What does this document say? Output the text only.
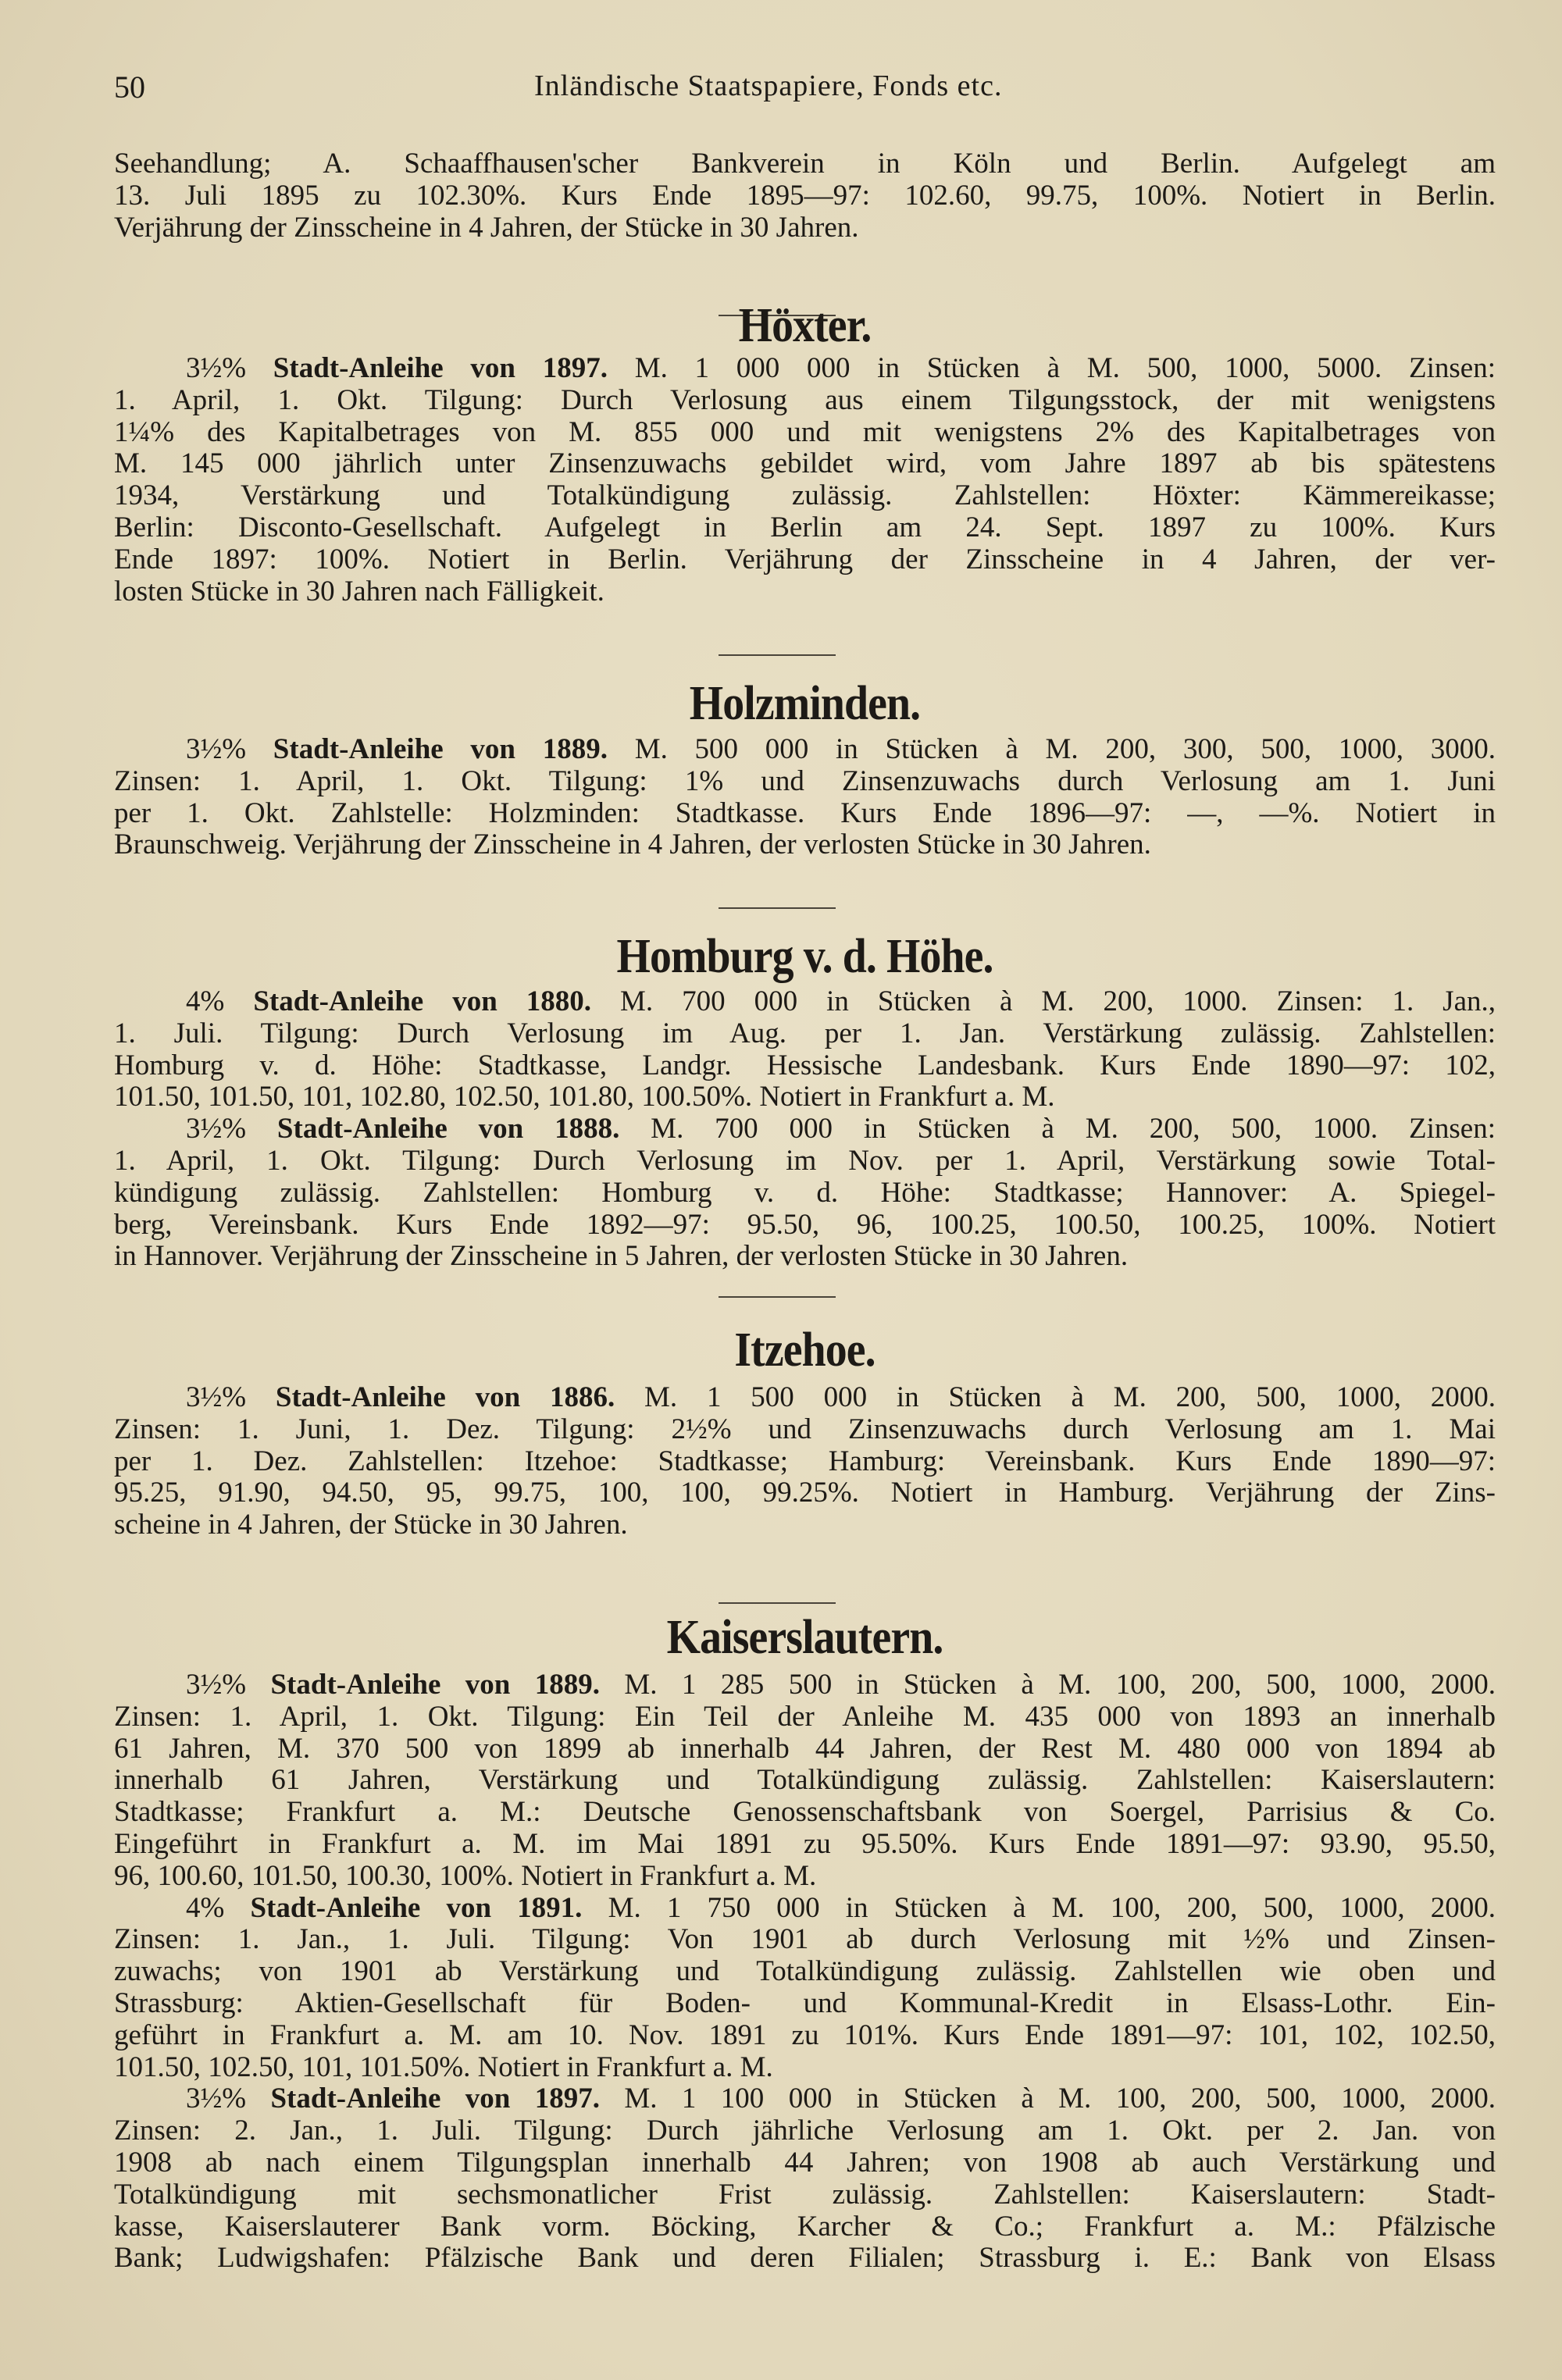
50	Inländische Staatspapiere, Fonds etc.
Seehandlung; A. Schaaffhausen'scher Bankverein in Köln und Berlin. Aufgelegt am
13. Juli 1895 zu 102.30%. Kurs Ende 1895—97: 102.60, 99.75, 100%. Notiert in Berlin.
Verjährung der Zinsscheine in 4 Jahren, der Stücke in 30 Jahren.
Höxter.
3½% Stadt-Anleihe von 1897. M. 1 000 000 in Stücken à M. 500, 1000, 5000. Zinsen:
1. April, 1. Okt. Tilgung: Durch Verlosung aus einem Tilgungsstock, der mit wenigstens
1¼% des Kapitalbetrages von M. 855 000 und mit wenigstens 2% des Kapitalbetrages von
M. 145 000 jährlich unter Zinsenzuwachs gebildet wird, vom Jahre 1897 ab bis spätestens
1934, Verstärkung und Totalkündigung zulässig. Zahlstellen: Höxter: Kämmereikasse;
Berlin: Disconto-Gesellschaft. Aufgelegt in Berlin am 24. Sept. 1897 zu 100%. Kurs
Ende 1897: 100%. Notiert in Berlin. Verjährung der Zinsscheine in 4 Jahren, der ver-
losten Stücke in 30 Jahren nach Fälligkeit.
Holzminden.
3½% Stadt-Anleihe von 1889. M. 500 000 in Stücken à M. 200, 300, 500, 1000, 3000.
Zinsen: 1. April, 1. Okt. Tilgung: 1% und Zinsenzuwachs durch Verlosung am 1. Juni
per 1. Okt. Zahlstelle: Holzminden: Stadtkasse. Kurs Ende 1896—97: —, —%. Notiert in
Braunschweig. Verjährung der Zinsscheine in 4 Jahren, der verlosten Stücke in 30 Jahren.
Homburg v. d. Höhe.
4% Stadt-Anleihe von 1880. M. 700 000 in Stücken à M. 200, 1000. Zinsen: 1. Jan.,
1. Juli. Tilgung: Durch Verlosung im Aug. per 1. Jan. Verstärkung zulässig. Zahlstellen:
Homburg v. d. Höhe: Stadtkasse, Landgr. Hessische Landesbank. Kurs Ende 1890—97: 102,
101.50, 101.50, 101, 102.80, 102.50, 101.80, 100.50%. Notiert in Frankfurt a. M.
3½% Stadt-Anleihe von 1888. M. 700 000 in Stücken à M. 200, 500, 1000. Zinsen:
1. April, 1. Okt. Tilgung: Durch Verlosung im Nov. per 1. April, Verstärkung sowie Total-
kündigung zulässig. Zahlstellen: Homburg v. d. Höhe: Stadtkasse; Hannover: A. Spiegel-
berg, Vereinsbank. Kurs Ende 1892—97: 95.50, 96, 100.25, 100.50, 100.25, 100%. Notiert
in Hannover. Verjährung der Zinsscheine in 5 Jahren, der verlosten Stücke in 30 Jahren.
Itzehoe.
3½% Stadt-Anleihe von 1886. M. 1 500 000 in Stücken à M. 200, 500, 1000, 2000.
Zinsen: 1. Juni, 1. Dez. Tilgung: 2½% und Zinsenzuwachs durch Verlosung am 1. Mai
per 1. Dez. Zahlstellen: Itzehoe: Stadtkasse; Hamburg: Vereinsbank. Kurs Ende 1890—97:
95.25, 91.90, 94.50, 95, 99.75, 100, 100, 99.25%. Notiert in Hamburg. Verjährung der Zins-
scheine in 4 Jahren, der Stücke in 30 Jahren.
Kaiserslautern.
3½% Stadt-Anleihe von 1889. M. 1 285 500 in Stücken à M. 100, 200, 500, 1000, 2000.
Zinsen: 1. April, 1. Okt. Tilgung: Ein Teil der Anleihe M. 435 000 von 1893 an innerhalb
61 Jahren, M. 370 500 von 1899 ab innerhalb 44 Jahren, der Rest M. 480 000 von 1894 ab
innerhalb 61 Jahren, Verstärkung und Totalkündigung zulässig. Zahlstellen: Kaiserslautern:
Stadtkasse; Frankfurt a. M.: Deutsche Genossenschaftsbank von Soergel, Parrisius & Co.
Eingeführt in Frankfurt a. M. im Mai 1891 zu 95.50%. Kurs Ende 1891—97: 93.90, 95.50,
96, 100.60, 101.50, 100.30, 100%. Notiert in Frankfurt a. M.
4% Stadt-Anleihe von 1891. M. 1 750 000 in Stücken à M. 100, 200, 500, 1000, 2000.
Zinsen: 1. Jan., 1. Juli. Tilgung: Von 1901 ab durch Verlosung mit ½% und Zinsen-
zuwachs; von 1901 ab Verstärkung und Totalkündigung zulässig. Zahlstellen wie oben und
Strassburg: Aktien-Gesellschaft für Boden- und Kommunal-Kredit in Elsass-Lothr. Ein-
geführt in Frankfurt a. M. am 10. Nov. 1891 zu 101%. Kurs Ende 1891—97: 101, 102, 102.50,
101.50, 102.50, 101, 101.50%. Notiert in Frankfurt a. M.
3½% Stadt-Anleihe von 1897. M. 1 100 000 in Stücken à M. 100, 200, 500, 1000, 2000.
Zinsen: 2. Jan., 1. Juli. Tilgung: Durch jährliche Verlosung am 1. Okt. per 2. Jan. von
1908 ab nach einem Tilgungsplan innerhalb 44 Jahren; von 1908 ab auch Verstärkung und
Totalkündigung mit sechsmonatlicher Frist zulässig. Zahlstellen: Kaiserslautern: Stadt-
kasse, Kaiserslauterer Bank vorm. Böcking, Karcher & Co.; Frankfurt a. M.: Pfälzische
Bank; Ludwigshafen: Pfälzische Bank und deren Filialen; Strassburg i. E.: Bank von Elsass
